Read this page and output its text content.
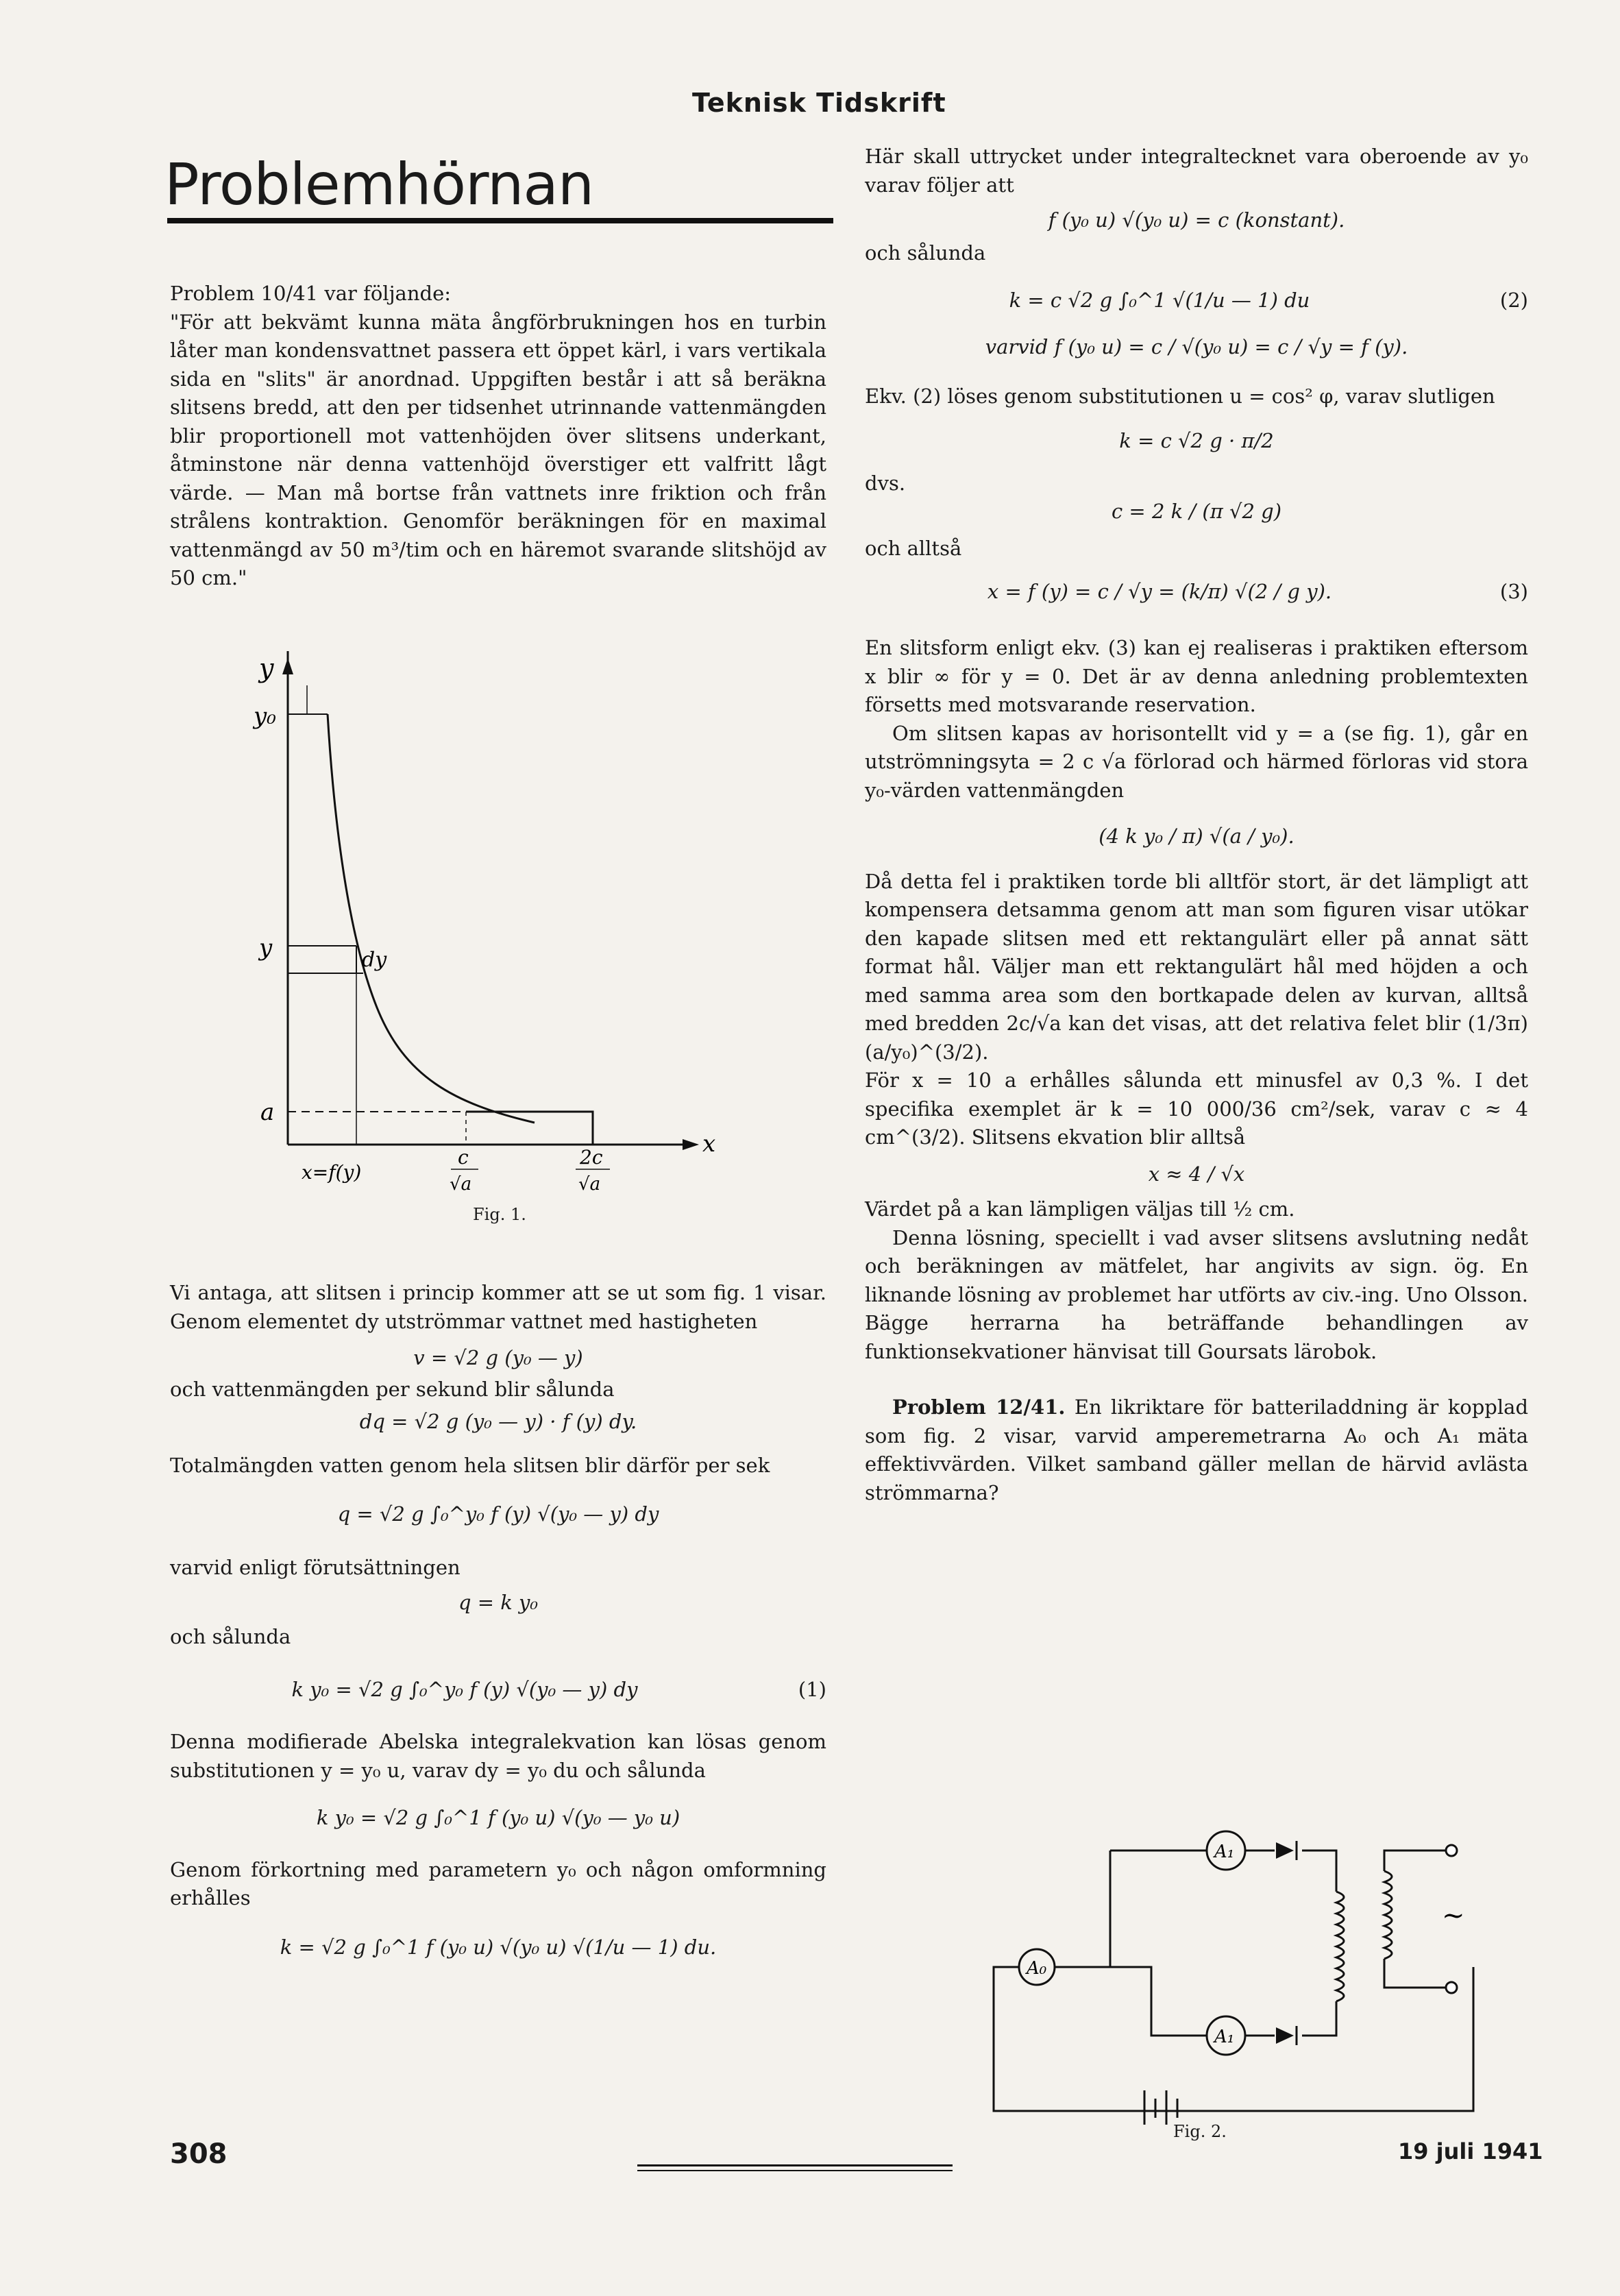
Teknisk Tidskrift
Problemhörnan

Problem 10/41 var följande:

"För att bekvämt kunna mäta ångförbrukningen hos en turbin låter man kondensvattnet passera ett öppet kärl, i vars vertikala sida en "slits" är anordnad. Uppgiften består i att så beräkna slitsens bredd, att den per tidsenhet utrinnande vattenmängden blir proportionell mot vattenhöjden över slitsens underkant, åtminstone när denna vattenhöjd överstiger ett valfritt lågt värde. — Man må bortse från vattnets inre friktion och från strålens kontraktion. Genomför beräkningen för en maximal vattenmängd av 50 m³/tim och en häremot svarande slitshöjd av 50 cm."

y
y₀
y	dy
a
x
x=f(y)
c
√a
2c
√a
Fig. 1.

Vi antaga, att slitsen i princip kommer att se ut som fig. 1 visar. Genom elementet dy utströmmar vattnet med hastigheten

v = √2 g (y₀ — y)

och vattenmängden per sekund blir sålunda

dq = √2 g (y₀ — y) · f (y) dy.

Totalmängden vatten genom hela slitsen blir därför per sek

q = √2 g ∫₀^y₀ f (y) √(y₀ — y) dy

varvid enligt förutsättningen

q = k y₀

och sålunda

k y₀ = √2 g ∫₀^y₀ f (y) √(y₀ — y) dy	(1)

Denna modifierade Abelska integralekvation kan lösas genom substitutionen y = y₀ u, varav dy = y₀ du och sålunda

k y₀ = √2 g ∫₀^1 f (y₀ u) √(y₀ — y₀ u)

Genom förkortning med parametern y₀ och någon omformning erhålles

k = √2 g ∫₀^1 f (y₀ u) √(y₀ u) √(1/u — 1) du.

Här skall uttrycket under integraltecknet vara oberoende av y₀ varav följer att

f (y₀ u) √(y₀ u) = c (konstant).

och sålunda

k = c √2 g ∫₀^1 √(1/u — 1) du	(2)
varvid f (y₀ u) = c / √(y₀ u) = c / √y = f (y).

Ekv. (2) löses genom substitutionen u = cos² φ, varav slutligen

k = c √2 g · π/2

dvs.

c = 2 k / (π √2 g)

och alltså

x = f (y) = c / √y = (k/π) √(2 / g y).	(3)

En slitsform enligt ekv. (3) kan ej realiseras i praktiken eftersom x blir ∞ för y = 0. Det är av denna anledning problemtexten försetts med motsvarande reservation.

Om slitsen kapas av horisontellt vid y = a (se fig. 1), går en utströmningsyta = 2 c √a förlorad och härmed förloras vid stora y₀-värden vattenmängden

(4 k y₀ / π) √(a / y₀).

Då detta fel i praktiken torde bli alltför stort, är det lämpligt att kompensera detsamma genom att man som figuren visar utökar den kapade slitsen med ett rektangulärt eller på annat sätt format hål. Väljer man ett rektangulärt hål med höjden a och med samma area som den bortkapade delen av kurvan, alltså med bredden 2c/√a kan det visas, att det relativa felet blir (1/3π)(a/y₀)^(3/2).

För x = 10 a erhålles sålunda ett minusfel av 0,3 %. I det specifika exemplet är k = 10 000/36 cm²/sek, varav c ≈ 4 cm^(3/2). Slitsens ekvation blir alltså

x ≈ 4 / √x

Värdet på a kan lämpligen väljas till ½ cm.

Denna lösning, speciellt i vad avser slitsens avslutning nedåt och beräkningen av mätfelet, har angivits av sign. ög. En liknande lösning av problemet har utförts av civ.-ing. Uno Olsson. Bägge herrarna ha beträffande behandlingen av funktionsekvationer hänvisat till Goursats lärobok.

Problem 12/41. En likriktare för batteriladdning är kopplad som fig. 2 visar, varvid amperemetrarna A₀ och A₁ mäta effektivvärden. Vilket samband gäller mellan de härvid avlästa strömmarna?

A₀
A₁
A₁
~
Fig. 2.
308	19 juli 1941
